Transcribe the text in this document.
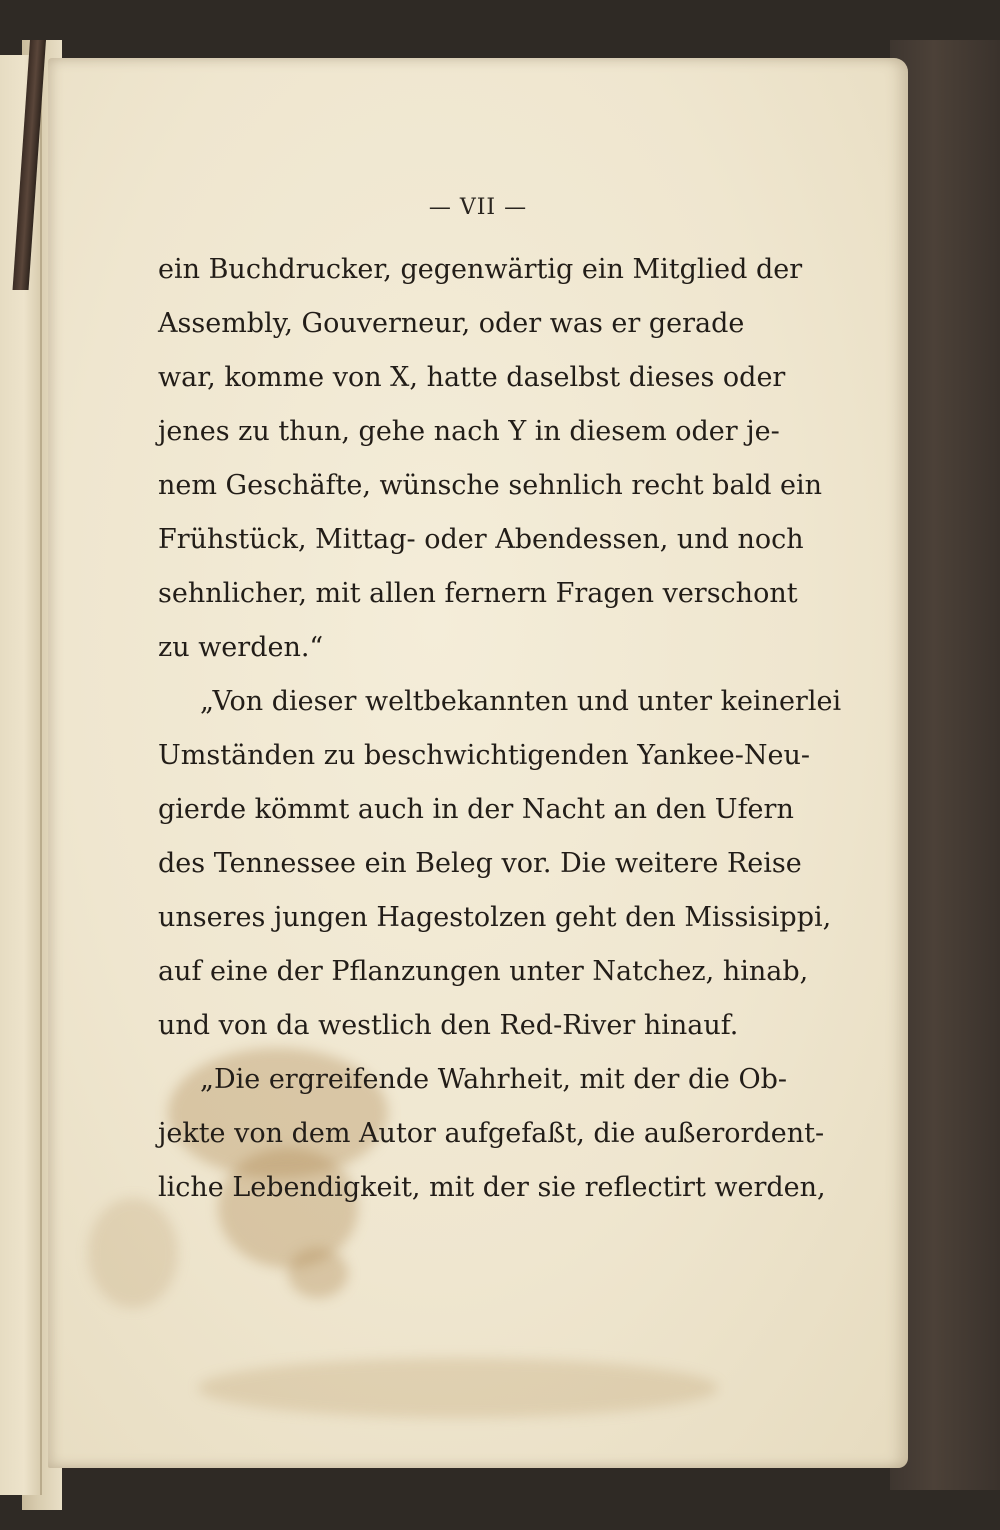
— VII —
ein Buchdrucker, gegenwärtig ein Mitglied der
Assembly, Gouverneur, oder was er gerade
war, komme von X, hatte daselbst dieses oder
jenes zu thun, gehe nach Y in diesem oder je-
nem Geschäfte, wünsche sehnlich recht bald ein
Frühstück, Mittag- oder Abendessen, und noch
sehnlicher, mit allen fernern Fragen verschont
zu werden.“
„Von dieser weltbekannten und unter keinerlei
Umständen zu beschwichtigenden Yankee-Neu-
gierde kömmt auch in der Nacht an den Ufern
des Tennessee ein Beleg vor. Die weitere Reise
unseres jungen Hagestolzen geht den Missisippi,
auf eine der Pflanzungen unter Natchez, hinab,
und von da westlich den Red-River hinauf.
„Die ergreifende Wahrheit, mit der die Ob-
jekte von dem Autor aufgefaßt, die außerordent-
liche Lebendigkeit, mit der sie reflectirt werden,
